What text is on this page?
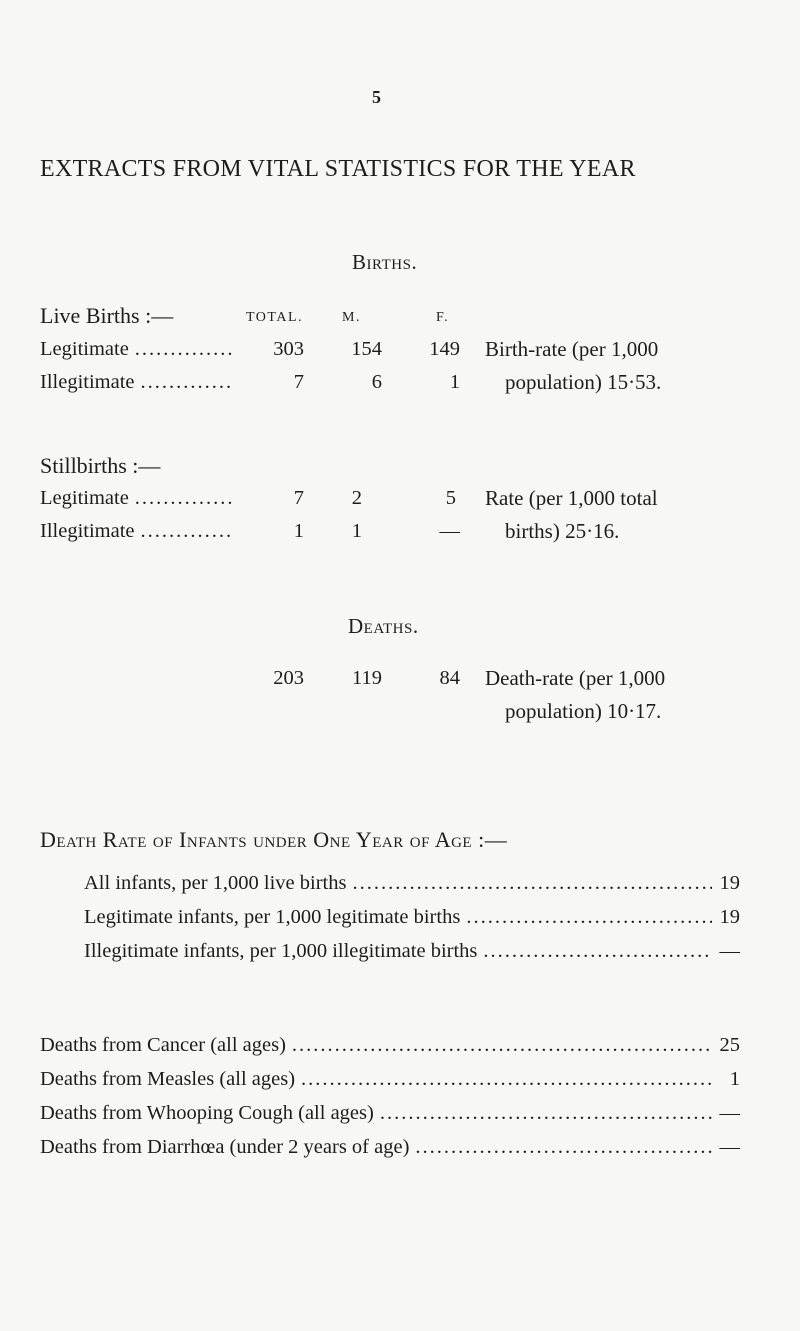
5
EXTRACTS FROM VITAL STATISTICS FOR THE YEAR
Births.
Live Births :—	TOTAL.	M.	F.
Legitimate .....	303	154	149
Illegitimate .....	7	6	1
Birth-rate (per 1,000
population) 15·53.
Stillbirths :—
Legitimate .....	7	2	5
Illegitimate .....	1	1	—
Rate (per 1,000 total
births) 25·16.
Deaths.
203	119	84 Death-rate (per 1,000
population) 10·17.
Death Rate of Infants under One Year of Age :—
All infants, per 1,000 live births .....	19
Legitimate infants, per 1,000 legitimate births .....	19
Illegitimate infants, per 1,000 illegitimate births .....	—
Deaths from Cancer (all ages) .....	25
Deaths from Measles (all ages) .....	1
Deaths from Whooping Cough (all ages) .....	—
Deaths from Diarrhœa (under 2 years of age) .....	—
